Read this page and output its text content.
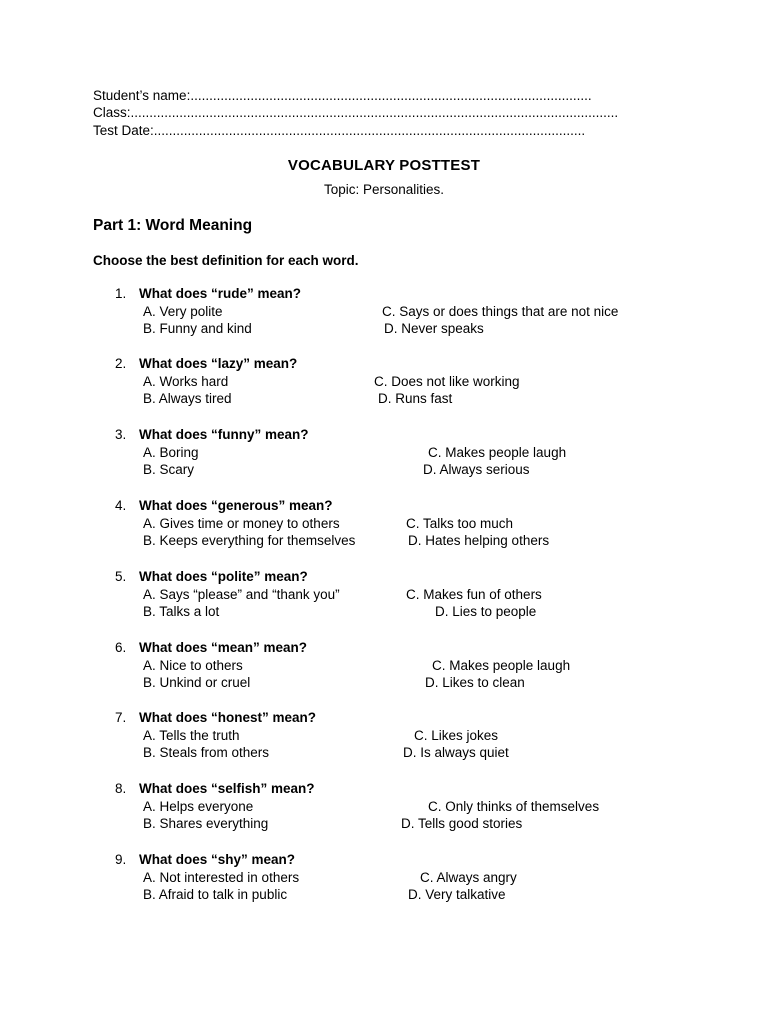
Student’s name:...........................................................................................................
Class:..................................................................................................................................
Test Date:...................................................................................................................
VOCABULARY POSTTEST
Topic: Personalities.
Part 1: Word Meaning
Choose the best definition for each word.
1. What does “rude” mean?
A. Very polite
B. Funny and kind
C. Says or does things that are not nice
D. Never speaks
2. What does “lazy” mean?
A. Works hard
B. Always tired
C. Does not like working
D. Runs fast
3. What does “funny” mean?
A. Boring
B. Scary
C. Makes people laugh
D. Always serious
4. What does “generous” mean?
A. Gives time or money to others
B. Keeps everything for themselves
C. Talks too much
D. Hates helping others
5. What does “polite” mean?
A. Says “please” and “thank you”
B. Talks a lot
C. Makes fun of others
D. Lies to people
6. What does “mean” mean?
A. Nice to others
B. Unkind or cruel
C. Makes people laugh
D. Likes to clean
7. What does “honest” mean?
A. Tells the truth
B. Steals from others
C. Likes jokes
D. Is always quiet
8. What does “selfish” mean?
A. Helps everyone
B. Shares everything
C. Only thinks of themselves
D. Tells good stories
9. What does “shy” mean?
A. Not interested in others
B. Afraid to talk in public
C. Always angry
D. Very talkative
